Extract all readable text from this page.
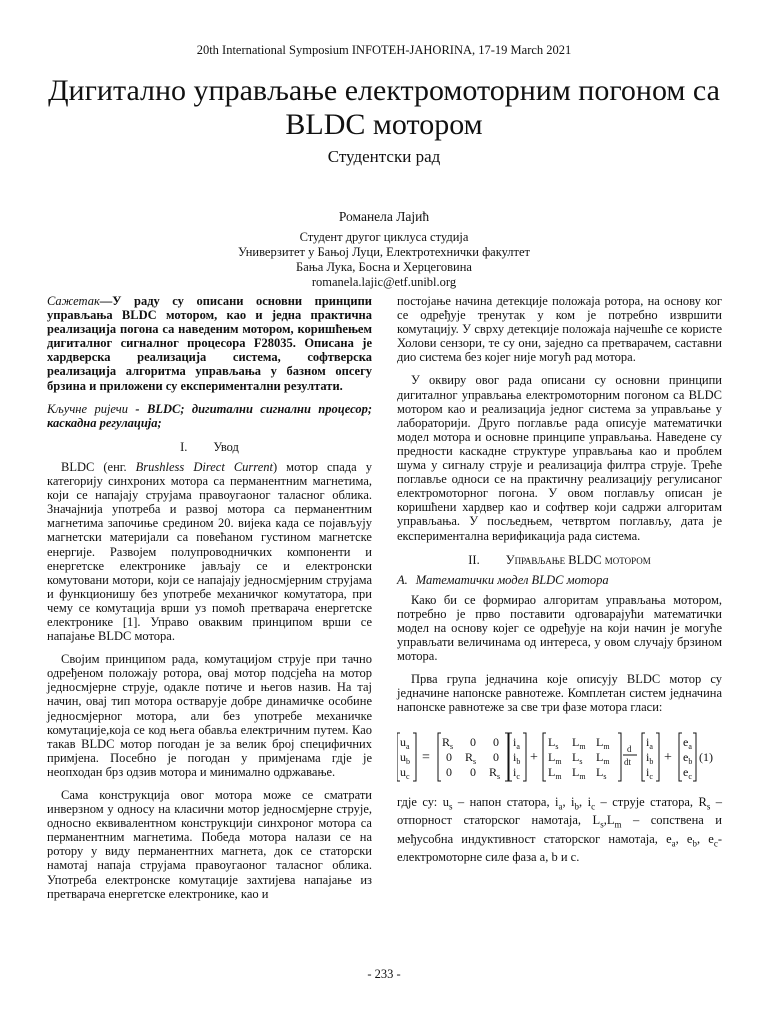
20th International Symposium INFOTEH-JAHORINA, 17-19 March 2021
Дигитално управљање електромоторним погоном са BLDC мотором
Студентски рад
Романела Лајић
Студент другог циклуса студија
Универзитет у Бањој Луци, Електротехнички факултет
Бања Лука, Босна и Херцеговина
romanela.lajic@etf.unibl.org

Сажетак—У раду су описани основни принципи управљања BLDC мотором, као и једна практична реализација погона са наведеним мотором, коришћењем дигиталног сигналног процесора F28035. Описана је хардверска реализација система, софтверска реализација алгоритма управљања у базном опсегу брзина и приложени су експериментални резултати.

Кључне ријечи - BLDC; дигитални сигнални процесор; каскадна регулација;

I. Увод

BLDC (енг. Brushless Direct Current) мотор спада у категорију синхроних мотора са перманентним магнетима, који се напајају струјама правоугаоног таласног облика. Значајнија употреба и развој мотора са перманентним магнетима започиње средином 20. вијека када се појављују магнетски материјали са повећаном густином магнетске енергије. Развојем полупроводничких компоненти и енергетске електронике јављају се и електронски комутовани мотори, који се напајају једносмјерним струјама и функционишу без употребе механичког комутатора, при чему се комутација врши уз помоћ претварача енергетске електронике [1]. Управо оваквим принципом врши се напајање BLDC мотора.

Својим принципом рада, комутацијом струје при тачно одређеном положају ротора, овај мотор подсјећа на мотор једносмјерне струје, одакле потиче и његов назив. На тај начин, овај тип мотора остварује добре динамичке особине једносмјерног мотора, али без употребе механичке комутације,која се код њега обавља електричним путем. Као такав BLDC мотор погодан је за велик број специфичних примјена. Посебно је погодан у примјенама гдје је неопходан брз одзив мотора и минимално одржавање.

Сама конструкција овог мотора може се сматрати инверзном у односу на класични мотор једносмјерне струје, односно еквивалентном конструкцији синхроног мотора са перманентним магнетима. Победа мотора налази се на ротору у виду перманентних магнета, док се статорски намотај напаја струјама правоугаоног таласног облика. Употреба електронске комутације захтијева напајање из претварача енергетске електронике, као и

постојање начина детекције положаја ротора, на основу ког се одређује тренутак у ком је потребно извршити комутацију. У сврху детекције положаја најчешће се користе Холови сензори, те су они, заједно са претварачем, саставни дио система без којег није могућ рад мотора.

У оквиру овог рада описани су основни принципи дигиталног управљања електромоторним погоном са BLDC мотором као и реализација једног система за управљање у лабораторији. Друго поглавље рада описује математички модел мотора и основне принципе управљања. Наведене су предности каскадне структуре управљања као и проблем шума у сигналу струје и реализација филтра струје. Треће поглавље односи се на практичну реализацију регулисаног електромоторног погона. У овом поглављу описан је коришћени хардвер као и софтвер који садржи алгоритам управљања. У посљедњем, четвртом поглављу, дата је експериментална верификација рада система.

II. Управљање BLDC мотором
A. Математички модел BLDC мотора

Како би се формирао алгоритам управљања мотором, потребно је прво поставити одговарајући математички модел на основу којег се одређује на који начин је могуће управљати величинама од интереса, у овом случају брзином мотора.

Прва група једначина које описују BLDC мотор су једначине напонске равнотеже. Комплетан систем једначина напонске равнотеже за све три фазе мотора гласи:

$u_a$
$u_b$
$u_c$
=
$R_s$ 0 0
0 $R_s$ 0
0 0 $R_s$
$i_a$
$i_b$
$i_c$
+
$L_s$ $L_m$ $L_m$
$L_m$ $L_s$ $L_m$
$L_m$ $L_m$ $L_s$
d
dt
$i_a$
$i_b$
$i_c$
+
$e_a$
$e_b$
$e_c$
(1)

гдје су: $u_s$ – напон статора, $i_a$, $i_b$, $i_c$ – струје статора, $R_s$ – отпорност статорског намотаја, $L_s,L_m$ – сопствена и међусобна индуктивност статорског намотаја, $e_a$, $e_b$, $e_c-$ електромоторне силе фаза a, b и c.

- 233 -
